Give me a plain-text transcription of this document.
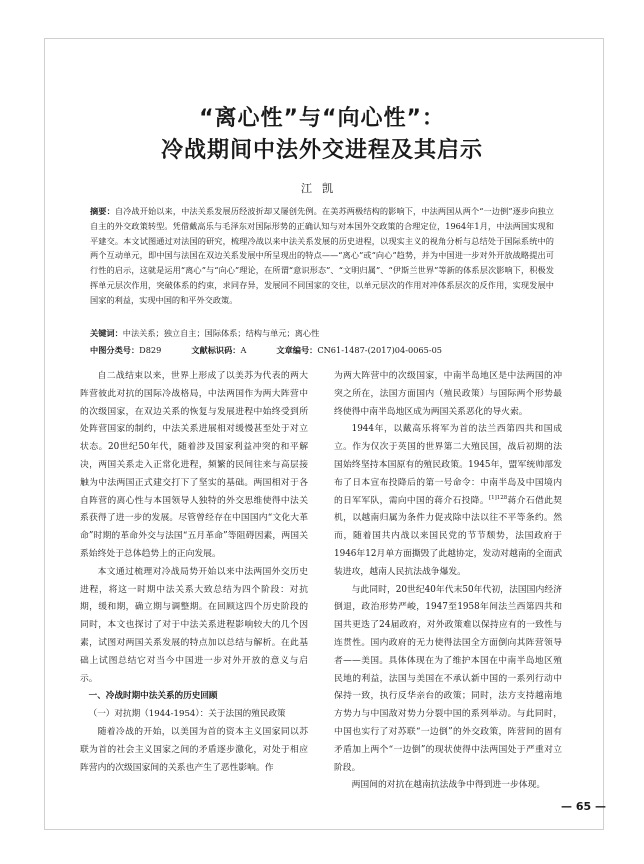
“离心性”与“向心性”：
冷战期间中法外交进程及其启示
江凯
摘要：自冷战开始以来，中法关系发展历经波折却又屡创先例。在美苏两极结构的影响下，中法两国从两个“一边倒”逐步向独立自主的外交政策转型。凭借戴高乐与毛泽东对国际形势的正确认知与对本国外交政策的合理定位，1964年1月，中法两国实现和平建交。本文试图通过对法国的研究，梳理冷战以来中法关系发展的历史进程，以现实主义的视角分析与总结处于国际系统中的两个互动单元，即中国与法国在双边关系发展中所呈现出的特点——“离心”或“向心”趋势，并为中国进一步对外开放战略提出可行性的启示，这就是运用“离心”与“向心”理论，在所谓“意识形态”、“文明归属”、“伊斯兰世界”等新的体系层次影响下，积极发挥单元层次作用，突破体系的约束，求同存异，发展同不同国家的交往，以单元层次的作用对冲体系层次的反作用，实现发展中国家的利益，实现中国的和平外交政策。
关键词：中法关系；独立自主；国际体系；结构与单元；离心性
中图分类号：D829	文献标识码：A	文章编号：CN61-1487-(2017)04-0065-05

自二战结束以来，世界上形成了以美苏为代表的两大阵营彼此对抗的国际冷战格局，中法两国作为两大阵营中的次级国家，在双边关系的恢复与发展进程中始终受到所处阵营国家的制约，中法关系进展相对缓慢甚至处于对立状态。20世纪50年代，随着涉及国家利益冲突的和平解决，两国关系走入正常化进程，频繁的民间往来与高层接触为中法两国正式建交打下了坚实的基础。两国相对于各自阵营的离心性与本国领导人独特的外交思维使得中法关系获得了进一步的发展。尽管曾经存在中国国内“文化大革命”时期的革命外交与法国“五月革命”等阻碍因素，两国关系始终处于总体趋势上的正向发展。

本文通过梳理对冷战局势开始以来中法两国外交历史进程，将这一时期中法关系大致总结为四个阶段：对抗期，缓和期，确立期与调整期。在回顾这四个历史阶段的同时，本文也探讨了对于中法关系进程影响较大的几个因素，试图对两国关系发展的特点加以总结与解析。在此基础上试图总结它对当今中国进一步对外开放的意义与启示。

一、冷战时期中法关系的历史回顾

（一）对抗期（1944-1954）：关于法国的殖民政策

随着冷战的开始，以美国为首的资本主义国家同以苏联为首的社会主义国家之间的矛盾逐步激化，对处于相应阵营内的次级国家间的关系也产生了恶性影响。作

为两大阵营中的次级国家，中南半岛地区是中法两国的冲突之所在，法国方面国内（殖民政策）与国际两个形势最终使得中南半岛地区成为两国关系恶化的导火索。

1944年，以戴高乐将军为首的法兰西第四共和国成立。作为仅次于英国的世界第二大殖民国，战后初期的法国始终坚持本国原有的殖民政策。1945年，盟军统帅部发布了日本宣布投降后的第一号命令：中南半岛及中国境内的日军军队，需向中国的蒋介石投降。$^{[1]128}$蒋介石借此契机，以越南归属为条件力促戎除中法以往不平等条约。然而，随着国共内战以来国民党的节节颓势，法国政府于1946年12月单方面撕毁了此越协定，发动对越南的全面武装进攻，越南人民抗法战争爆发。

与此同时，20世纪40年代末50年代初，法国国内经济倒退，政治形势严峻，1947至1958年间法兰西第四共和国共更迭了24届政府，对外政策难以保持应有的一致性与连贯性。国内政府的无力使得法国全方面倒向其阵营领导者——美国。具体体现在为了维护本国在中南半岛地区殖民地的利益，法国与美国在不承认新中国的一系列行动中保持一致，执行反华亲台的政策；同时，法方支持越南地方势力与中国敌对势力分裂中国的系列举动。与此同时，中国也实行了对苏联“一边倒”的外交政策，阵营间的固有矛盾加上两个“一边倒”的现状使得中法两国处于严重对立阶段。

两国间的对抗在越南抗法战争中得到进一步体现。

— 65 —
